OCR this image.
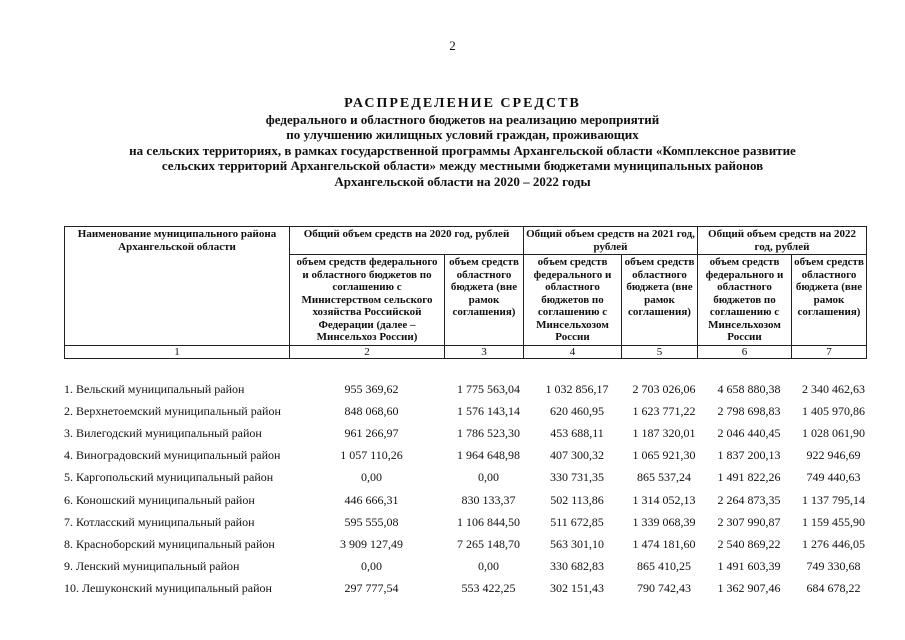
2
РАСПРЕДЕЛЕНИЕ СРЕДСТВ
федерального и областного бюджетов на реализацию мероприятий
по улучшению жилищных условий граждан, проживающих
на сельских территориях, в рамках государственной программы Архангельской области «Комплексное развитие
сельских территорий Архангельской области» между местными бюджетами муниципальных районов
Архангельской области на 2020 – 2022 годы
Наименование муниципального района Архангельской области	Общий объем средств на 2020 год, рублей		Общий объем средств на 2021 год, рублей		Общий объем средств на 2022 год, рублей	
	объем средств федерального и областного бюджетов по соглашению с Министерством сельского хозяйства Российской Федерации (далее – Минсельхоз России)	объем средств областного бюджета (вне рамок соглашения)	объем средств федерального и областного бюджетов по соглашению с Минсельхозом России	объем средств областного бюджета (вне рамок соглашения)	объем средств федерального и областного бюджетов по соглашению с Минсельхозом России	объем средств областного бюджета (вне рамок соглашения)
1	2	3	4	5	6	7
1. Вельский муниципальный район	955 369,62	1 775 563,04	1 032 856,17	2 703 026,06	4 658 880,38	2 340 462,63
2. Верхнетоемский муниципальный район	848 068,60	1 576 143,14	620 460,95	1 623 771,22	2 798 698,83	1 405 970,86
3. Вилегодский муниципальный район	961 266,97	1 786 523,30	453 688,11	1 187 320,01	2 046 440,45	1 028 061,90
4. Виноградовский муниципальный район	1 057 110,26	1 964 648,98	407 300,32	1 065 921,30	1 837 200,13	922 946,69
5. Каргопольский муниципальный район	0,00	0,00	330 731,35	865 537,24	1 491 822,26	749 440,63
6. Коношский муниципальный район	446 666,31	830 133,37	502 113,86	1 314 052,13	2 264 873,35	1 137 795,14
7. Котласский муниципальный район	595 555,08	1 106 844,50	511 672,85	1 339 068,39	2 307 990,87	1 159 455,90
8. Красноборский муниципальный район	3 909 127,49	7 265 148,70	563 301,10	1 474 181,60	2 540 869,22	1 276 446,05
9. Ленский муниципальный район	0,00	0,00	330 682,83	865 410,25	1 491 603,39	749 330,68
10. Лешуконский муниципальный район	297 777,54	553 422,25	302 151,43	790 742,43	1 362 907,46	684 678,22
